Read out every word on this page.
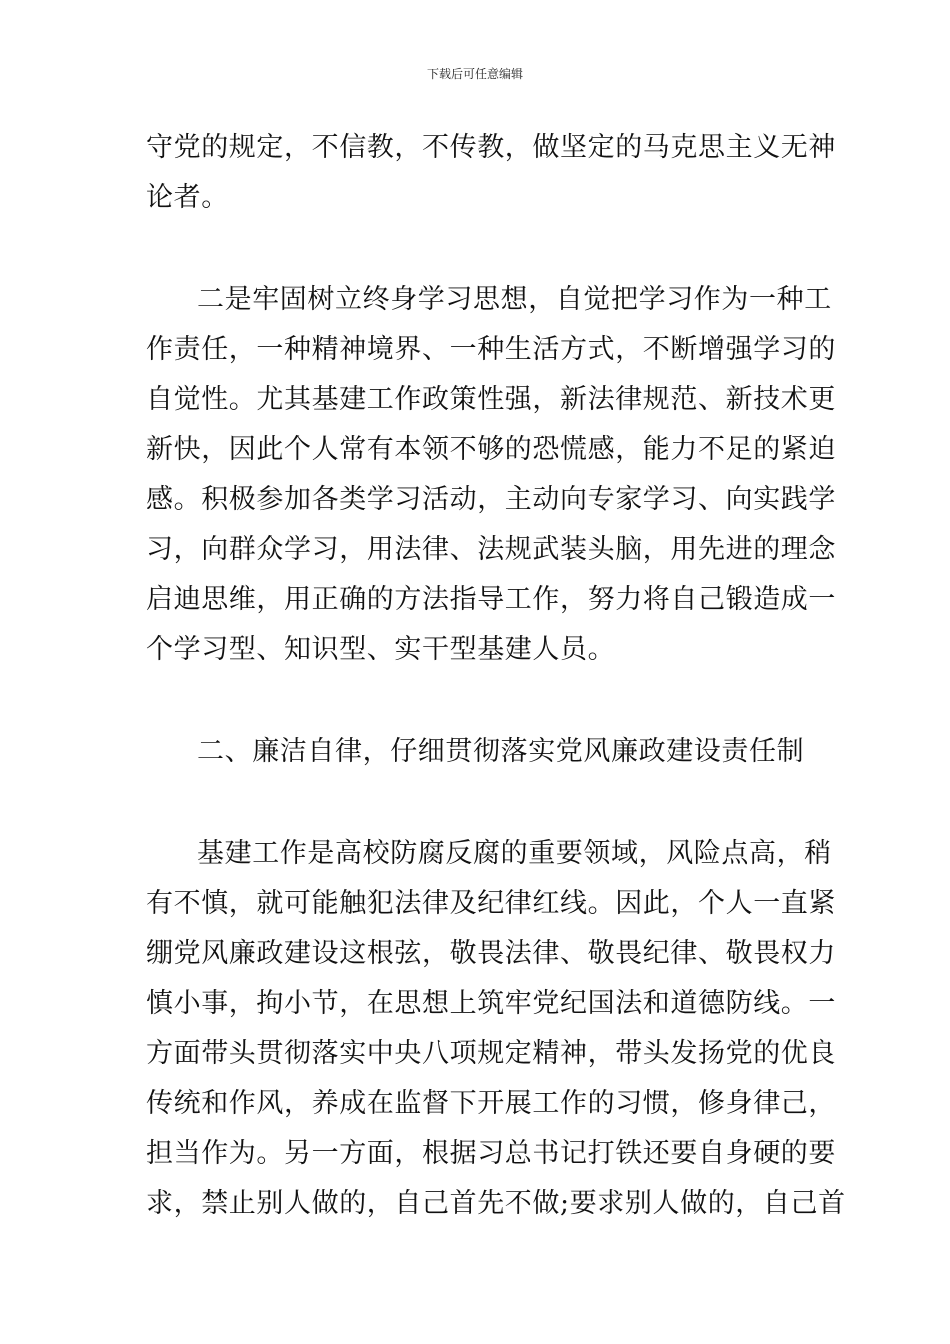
下载后可任意编辑
守党的规定，不信教，不传教，做坚定的马克思主义无神
论者。
二是牢固树立终身学习思想，自觉把学习作为一种工
作责任，一种精神境界、一种生活方式，不断增强学习的
自觉性。尤其基建工作政策性强，新法律规范、新技术更
新快，因此个人常有本领不够的恐慌感，能力不足的紧迫
感。积极参加各类学习活动，主动向专家学习、向实践学
习，向群众学习，用法律、法规武装头脑，用先进的理念
启迪思维，用正确的方法指导工作，努力将自己锻造成一
个学习型、知识型、实干型基建人员。
二、廉洁自律，仔细贯彻落实党风廉政建设责任制
基建工作是高校防腐反腐的重要领域，风险点高，稍
有不慎，就可能触犯法律及纪律红线。因此，个人一直紧
绷党风廉政建设这根弦，敬畏法律、敬畏纪律、敬畏权力
慎小事，拘小节，在思想上筑牢党纪国法和道德防线。一
方面带头贯彻落实中央八项规定精神，带头发扬党的优良
传统和作风，养成在监督下开展工作的习惯，修身律己，
担当作为。另一方面，根据习总书记打铁还要自身硬的要
求，禁止别人做的，自己首先不做;要求别人做的，自己首
